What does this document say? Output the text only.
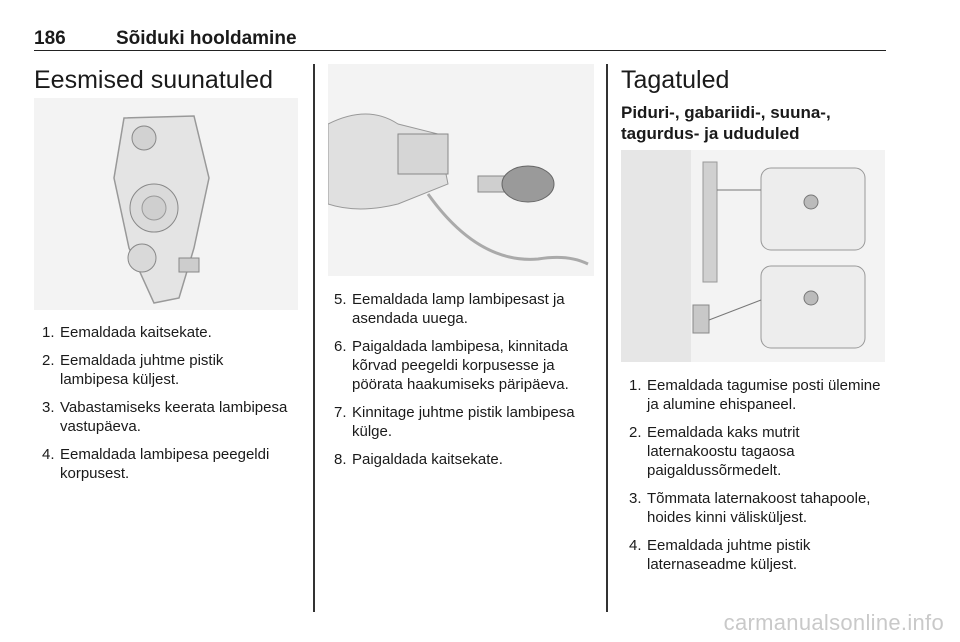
186	Sõiduki hooldamine
Eesmised suunatuled
1. Eemaldada kaitsekate.
2. Eemaldada juhtme pistik lambipesa küljest.
3. Vabastamiseks keerata lambipesa vastupäeva.
4. Eemaldada lambipesa peegeldi korpusest.
5. Eemaldada lamp lambipesast ja asendada uuega.
6. Paigaldada lambipesa, kinnitada kõrvad peegeldi korpusesse ja pöörata haakumiseks päripäeva.
7. Kinnitage juhtme pistik lambipesa külge.
8. Paigaldada kaitsekate.
Tagatuled
Piduri-, gabariidi-, suuna-, tagurdus- ja ududuled
1. Eemaldada tagumise posti ülemine ja alumine ehispaneel.
2. Eemaldada kaks mutrit laternakoostu tagaosa paigaldussõrmedelt.
3. Tõmmata laternakoost tahapoole, hoides kinni välisküljest.
4. Eemaldada juhtme pistik laternaseadme küljest.
carmanualsonline.info
